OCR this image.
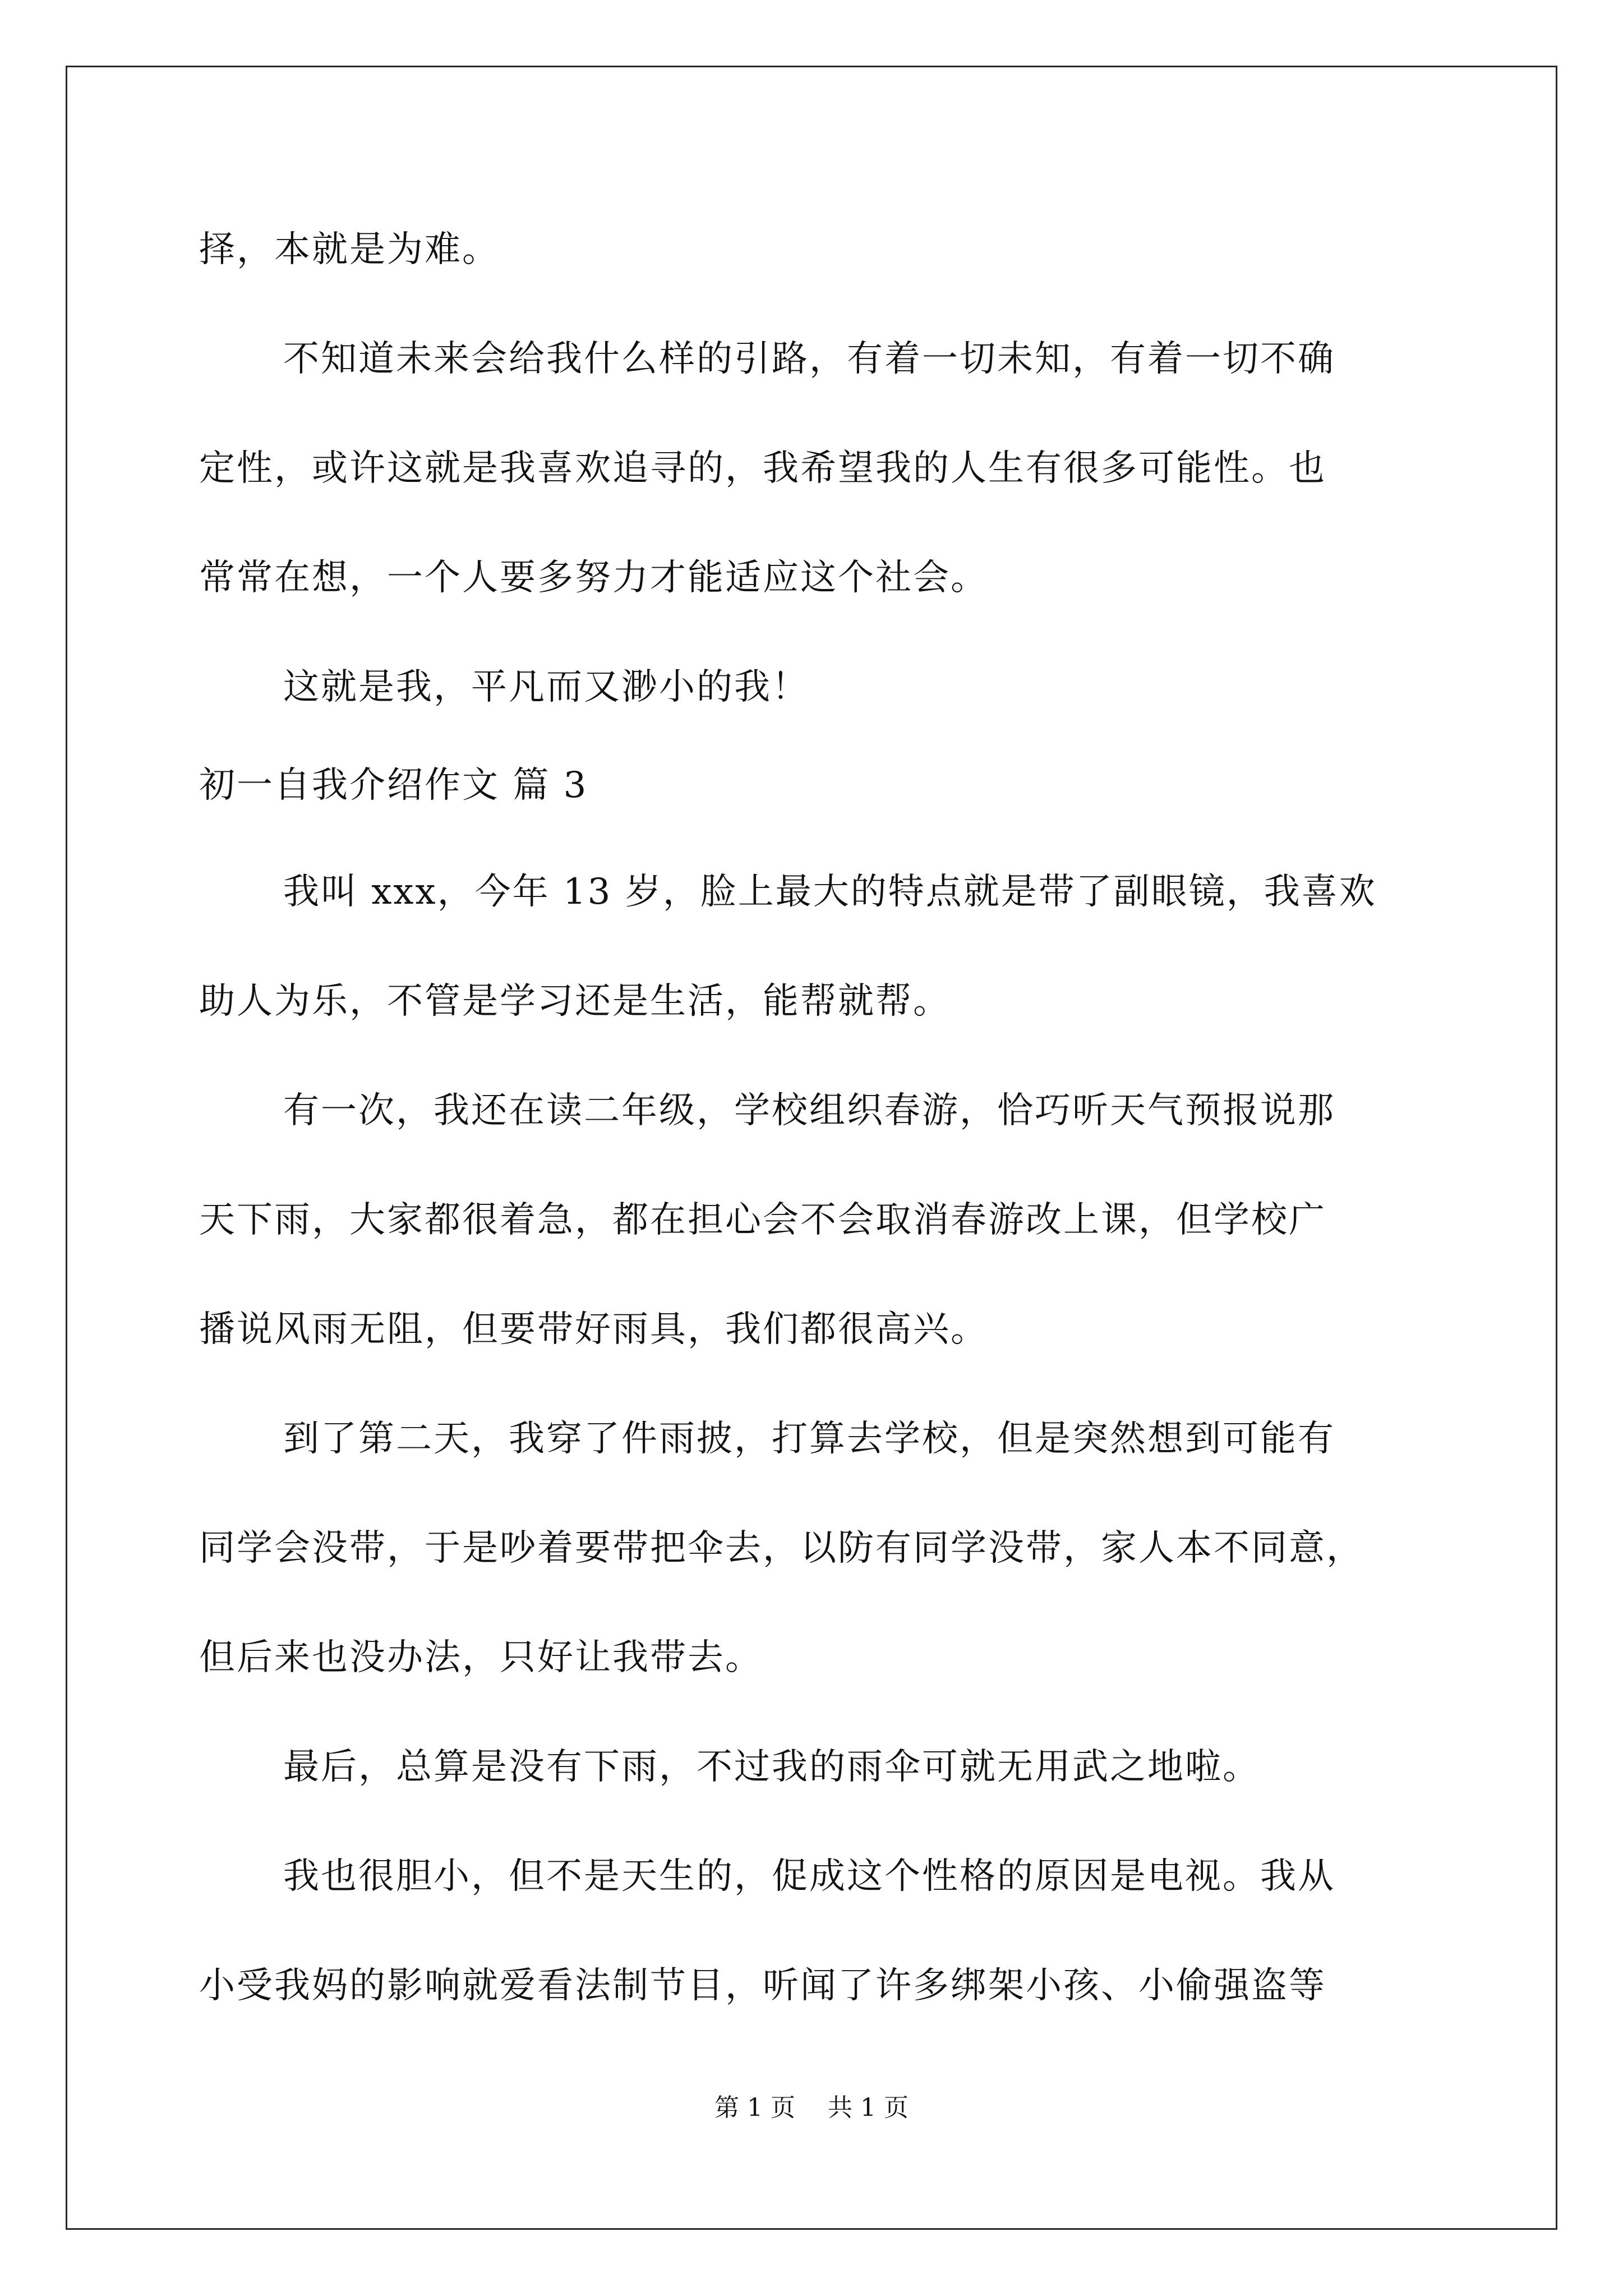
择，本就是为难。
不知道未来会给我什么样的引路，有着一切未知，有着一切不确
定性，或许这就是我喜欢追寻的，我希望我的人生有很多可能性。也
常常在想，一个人要多努力才能适应这个社会。
这就是我，平凡而又渺小的我！
初一自我介绍作文 篇 3
我叫 xxx，今年 13 岁，脸上最大的特点就是带了副眼镜，我喜欢
助人为乐，不管是学习还是生活，能帮就帮。
有一次，我还在读二年级，学校组织春游，恰巧听天气预报说那
天下雨，大家都很着急，都在担心会不会取消春游改上课，但学校广
播说风雨无阻，但要带好雨具，我们都很高兴。
到了第二天，我穿了件雨披，打算去学校，但是突然想到可能有
同学会没带，于是吵着要带把伞去，以防有同学没带，家人本不同意，
但后来也没办法，只好让我带去。
最后，总算是没有下雨，不过我的雨伞可就无用武之地啦。
我也很胆小，但不是天生的，促成这个性格的原因是电视。我从
小受我妈的影响就爱看法制节目，听闻了许多绑架小孩、小偷强盗等
第 1 页 共 1 页
